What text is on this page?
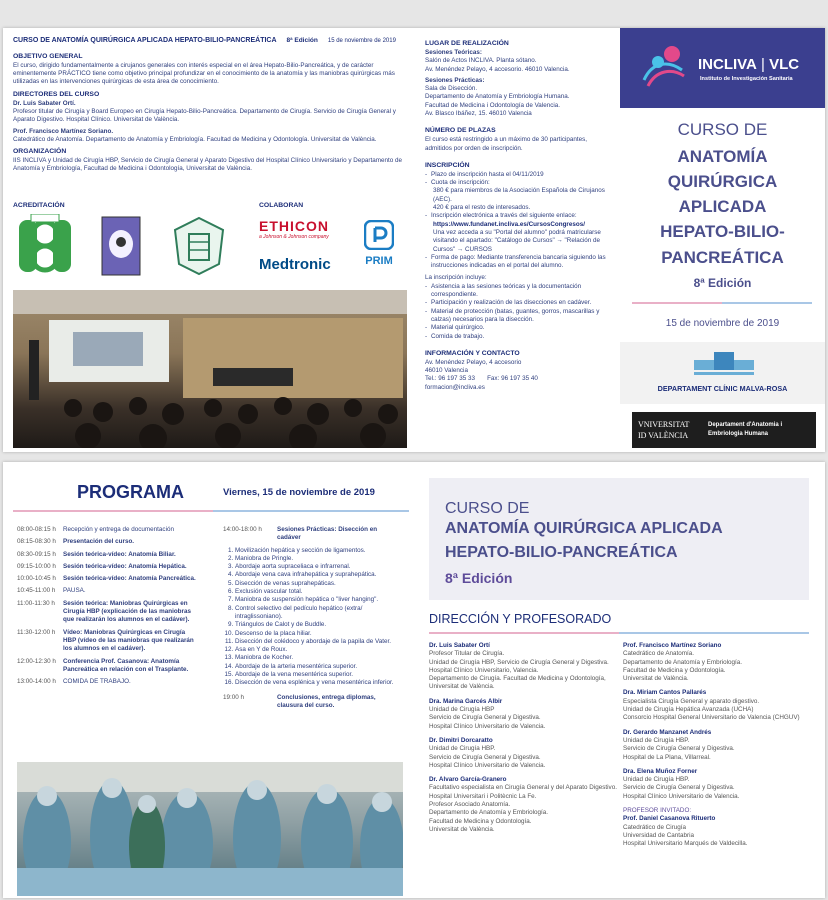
CURSO DE ANATOMÍA QUIRÚRGICA APLICADA HEPATO-BILIO-PANCREÁTICA 8ª Edición 15 de noviembre de 2019
OBJETIVO GENERAL
El curso, dirigido fundamentalmente a cirujanos generales con interés especial en el área Hepato-Bilio-Pancreática, y de carácter eminentemente PRÁCTICO tiene como objetivo principal profundizar en el conocimiento de la anatomía y las maniobras quirúrgicas más utilizadas en las intervenciones quirúrgicas de esta área de conocimiento.
DIRECTORES DEL CURSO
Dr. Luis Sabater Ortí.
Profesor titular de Cirugía y Board Europeo en Cirugía Hepato-Bilio-Pancreática. Departamento de Cirugía. Servicio de Cirugía General y Aparato Digestivo. Hospital Clínico. Universitat de València.
Prof. Francisco Martínez Soriano.
Catedrático de Anatomía. Departamento de Anatomía y Embriología. Facultad de Medicina y Odontología. Universitat de València.
ORGANIZACIÓN
IIS INCLIVA y Unidad de Cirugía HBP, Servicio de Cirugía General y Aparato Digestivo del Hospital Clínico Universitario y Departamento de Anatomía y Embriología, Facultad de Medicina i Odontología, Universitat de València.
ACREDITACIÓN	COLABORAN
ETHICON
a Johnson & Johnson company
Medtronic	PRIM
LUGAR DE REALIZACIÓN
Sesiones Teóricas:
Salón de Actos INCLIVA. Planta sótano.
Av. Menéndez Pelayo, 4 accesorio. 46010 Valencia.
Sesiones Prácticas:
Sala de Disección.
Departamento de Anatomía y Embriología Humana.
Facultad de Medicina i Odontología de Valencia.
Av. Blasco Ibáñez, 15. 46010 Valencia
NÚMERO DE PLAZAS
El curso está restringido a un máximo de 30 participantes, admitidos por orden de inscripción.
INSCRIPCIÓN
- Plazo de inscripción hasta el 04/11/2019
- Cuota de inscripción:
380 € para miembros de la Asociación Española de Cirujanos (AEC).
420 € para el resto de interesados.
- Inscripción electrónica a través del siguiente enlace:
https://www.fundanet.incliva.es/CursosCongresos/
Una vez acceda a su "Portal del alumno" podrá matricularse visitando el apartado: "Catálogo de Cursos" → "Relación de Cursos" → CURSOS
- Forma de pago: Mediante transferencia bancaria siguiendo las instrucciones indicadas en el portal del alumno.
La inscripción incluye:
- Asistencia a las sesiones teóricas y la documentación correspondiente.
- Participación y realización de las disecciones en cadáver.
- Material de protección (batas, guantes, gorros, mascarillas y calzas) necesarios para la disección.
- Material quirúrgico.
- Comida de trabajo.
INFORMACIÓN Y CONTACTO
Av. Menéndez Pelayo, 4 accesorio
46010 Valencia
Tel.: 96 197 35 33 Fax: 96 197 35 40
formacion@incliva.es
INCLIVA | VLC
Instituto de Investigación Sanitaria
CURSO DE
ANATOMÍA
QUIRÚRGICA
APLICADA
HEPATO-BILIO-
PANCREÁTICA
8ª Edición
15 de noviembre de 2019
DEPARTAMENT CLÍNIC MALVA-ROSA
VNIVERSITAT
ID VALÈNCIA
Departament d'Anatomia i
Embriologia Humana
PROGRAMA	Viernes, 15 de noviembre de 2019
08:00-08:15 h	Recepción y entrega de documentación
08:15-08:30 h	Presentación del curso.
08:30-09:15 h	Sesión teórica-vídeo: Anatomía Biliar.
09:15-10:00 h	Sesión teórica-vídeo: Anatomía Hepática.
10:00-10:45 h	Sesión teórica-vídeo: Anatomía Pancreática.
10:45-11:00 h	PAUSA.
11:00-11:30 h	Sesión teórica: Maniobras Quirúrgicas en Cirugía HBP (explicación de las maniobras que realizarán los alumnos en el cadáver).
11:30-12:00 h	Vídeo: Maniobras Quirúrgicas en Cirugía HBP (vídeo de las maniobras que realizarán los alumnos en el cadáver).
12:00-12:30 h	Conferencia Prof. Casanova: Anatomía Pancreática en relación con el Trasplante.
13:00-14:00 h	COMIDA DE TRABAJO.
14:00-18:00 h	Sesiones Prácticas: Disección en cadáver
1. Movilización hepática y sección de ligamentos.
2. Maniobra de Pringle.
3. Abordaje aorta supraceliaca e infrarrenal.
4. Abordaje vena cava infrahepática y suprahepática.
5. Disección de venas suprahepáticas.
6. Exclusión vascular total.
7. Maniobra de suspensión hepática o "liver hanging".
8. Control selectivo del pedículo hepático (extra/ intraglissoniano).
9. Triángulos de Calot y de Buddle.
10. Descenso de la placa hiliar.
11. Disección del colédoco y abordaje de la papila de Vater.
12. Asa en Y de Roux.
13. Maniobra de Kocher.
14. Abordaje de la arteria mesentérica superior.
15. Abordaje de la vena mesentérica superior.
16. Disección de vena esplénica y vena mesentérica inferior.
19:00 h	Conclusiones, entrega diplomas, clausura del curso.
CURSO DE
ANATOMÍA QUIRÚRGICA APLICADA
HEPATO-BILIO-PANCREÁTICA
8ª Edición
DIRECCIÓN Y PROFESORADO
Dr. Luis Sabater Ortí
Profesor Titular de Cirugía.
Unidad de Cirugía HBP, Servicio de Cirugía General y Digestiva. Hospital Clínico Universitario, Valencia.
Departamento de Cirugía. Facultad de Medicina y Odontología, Universitat de València.
Dra. Marina Garcés Albir
Unidad de Cirugía HBP
Servicio de Cirugía General y Digestiva.
Hospital Clínico Universitario de Valencia.
Dr. Dimitri Dorcaratto
Unidad de Cirugía HBP.
Servicio de Cirugía General y Digestiva.
Hospital Clínico Universitario de Valencia.
Dr. Alvaro García-Granero
Facultativo especialista en Cirugía General y del Aparato Digestivo.
Hospital Universitari i Politècnic La Fe.
Profesor Asociado Anatomía.
Departamento de Anatomía y Embriología.
Facultad de Medicina y Odontología.
Universitat de València.
Prof. Francisco Martínez Soriano
Catedrático de Anatomía.
Departamento de Anatomía y Embriología.
Facultad de Medicina y Odontología.
Universitat de València.
Dra. Miriam Cantos Pallarés
Especialista Cirugía General y aparato digestivo.
Unidad de Cirugía Hepática Avanzada (UCHA)
Consorcio Hospital General Universitario de Valencia (CHGUV)
Dr. Gerardo Manzanet Andrés
Unidad de Cirugía HBP.
Servicio de Cirugía General y Digestiva.
Hospital de La Plana, Villarreal.
Dra. Elena Muñoz Forner
Unidad de Cirugía HBP.
Servicio de Cirugía General y Digestiva.
Hospital Clínico Universitario de Valencia.
PROFESOR INVITADO:
Prof. Daniel Casanova Rituerto
Catedrático de Cirugía
Universidad de Cantabria
Hospital Universitario Marqués de Valdecilla.
